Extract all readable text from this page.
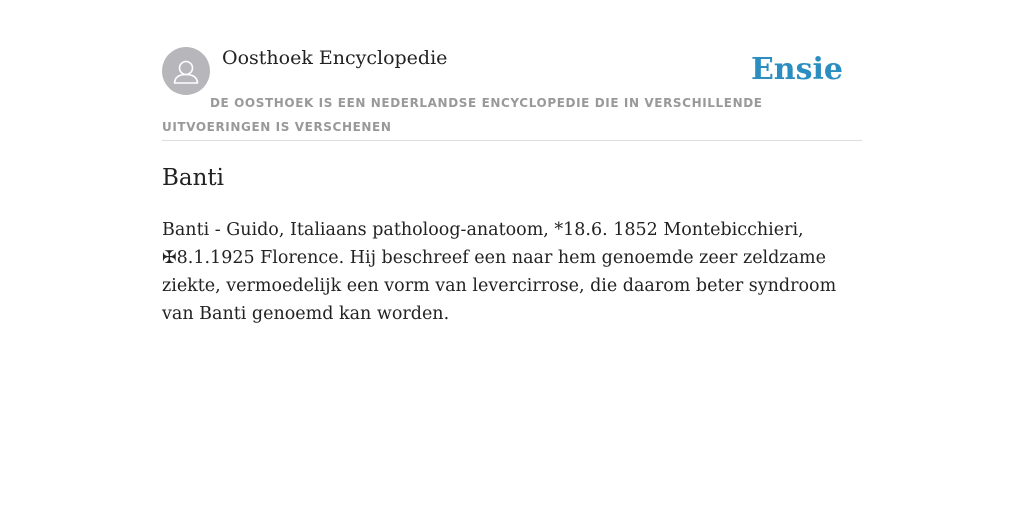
Oosthoek Encyclopedie	Ensie
DE OOSTHOEK IS EEN NEDERLANDSE ENCYCLOPEDIE DIE IN VERSCHILLENDE UITVOERINGEN IS VERSCHENEN
Banti

Banti - Guido, Italiaans patholoog-anatoom, *18.6. 1852 Montebicchieri, ✠8.1.1925 Florence. Hij beschreef een naar hem genoemde zeer zeldzame ziekte, vermoedelijk een vorm van levercirrose, die daarom beter syndroom van Banti genoemd kan worden.
